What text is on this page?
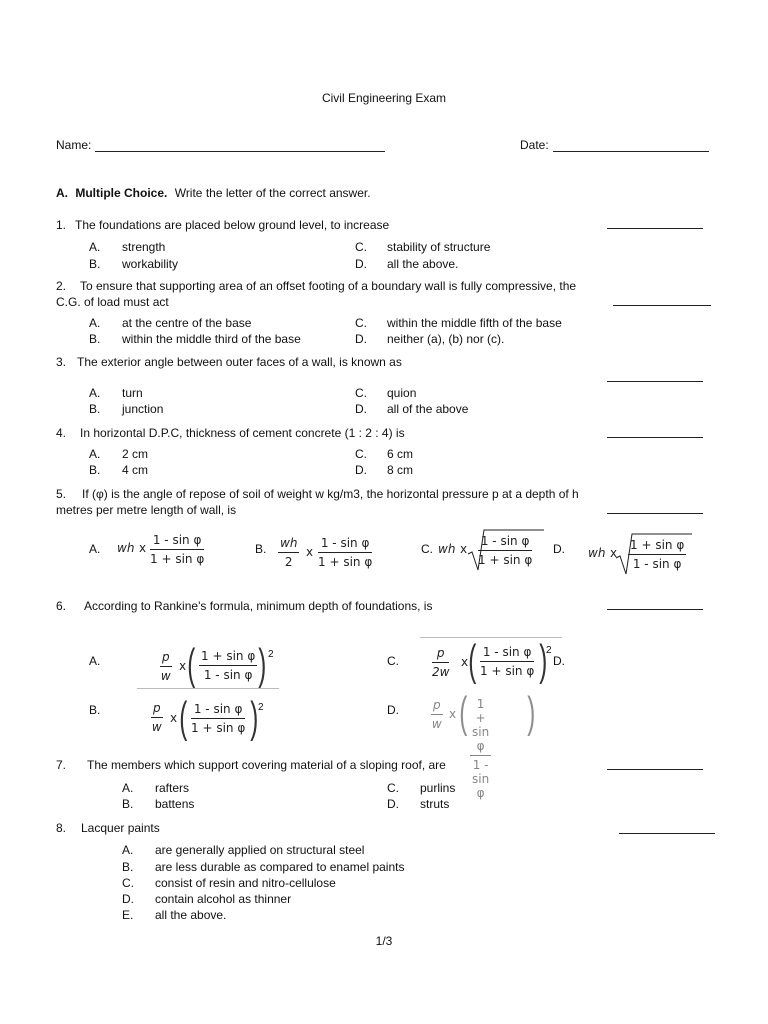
Civil Engineering Exam
Name:	Date:
A. Multiple Choice. Write the letter of the correct answer.
1. The foundations are placed below ground level, to increase
A. strength
B. workability
C. stability of structure
D. all the above.
2. To ensure that supporting area of an offset footing of a boundary wall is fully compressive, the
C.G. of load must act
A. at the centre of the base
B. within the middle third of the base
C. within the middle fifth of the base
D. neither (a), (b) nor (c).
3. The exterior angle between outer faces of a wall, is known as
A. turn
B. junction
C. quion
D. all of the above
4. In horizontal D.P.C, thickness of cement concrete (1 : 2 : 4) is
A. 2 cm
B. 4 cm
C. 6 cm
D. 8 cm
5. If (φ) is the angle of repose of soil of weight w kg/m3, the horizontal pressure p at a depth of h
metres per metre length of wall, is
A. wh x $\frac{\text{1 - sin φ}}{\text{1 + sin φ}}$	B. $\frac{wh}{2}$ x $\frac{\text{1 - sin φ}}{\text{1 + sin φ}}$	C. wh x $\frac{\text{1 - sin φ}}{\text{1 + sin φ}} D$. wh x $\frac{\text{1 + sin φ}}{\text{1 - sin φ}}$
6. According to Rankine's formula, minimum depth of foundations, is
A.	$\frac{p}{w}$ x ( $\frac{\text{1 + sin φ}}{\text{1 - sin φ}}$ ) 2	C.	$\frac{p}{2w}$ x ( $\frac{\text{1 - sin φ}}{\text{1 + sin φ}}$ )
2
D.
B.	$\frac{p}{w}$ x ( $\frac{\text{1 - sin φ}}{\text{1 + sin φ}}$ ) 2	D.	$\frac{p}{w}$ x ( $\frac{\text{1 + sin φ}}{\text{1 - sin φ}}$ )
7. The members which support covering material of a sloping roof, are
A. rafters
B. battens
C. purlins
D. struts
8. Lacquer paints
A. are generally applied on structural steel
B. are less durable as compared to enamel paints
C. consist of resin and nitro-cellulose
D. contain alcohol as thinner
E. all the above.
1/3
